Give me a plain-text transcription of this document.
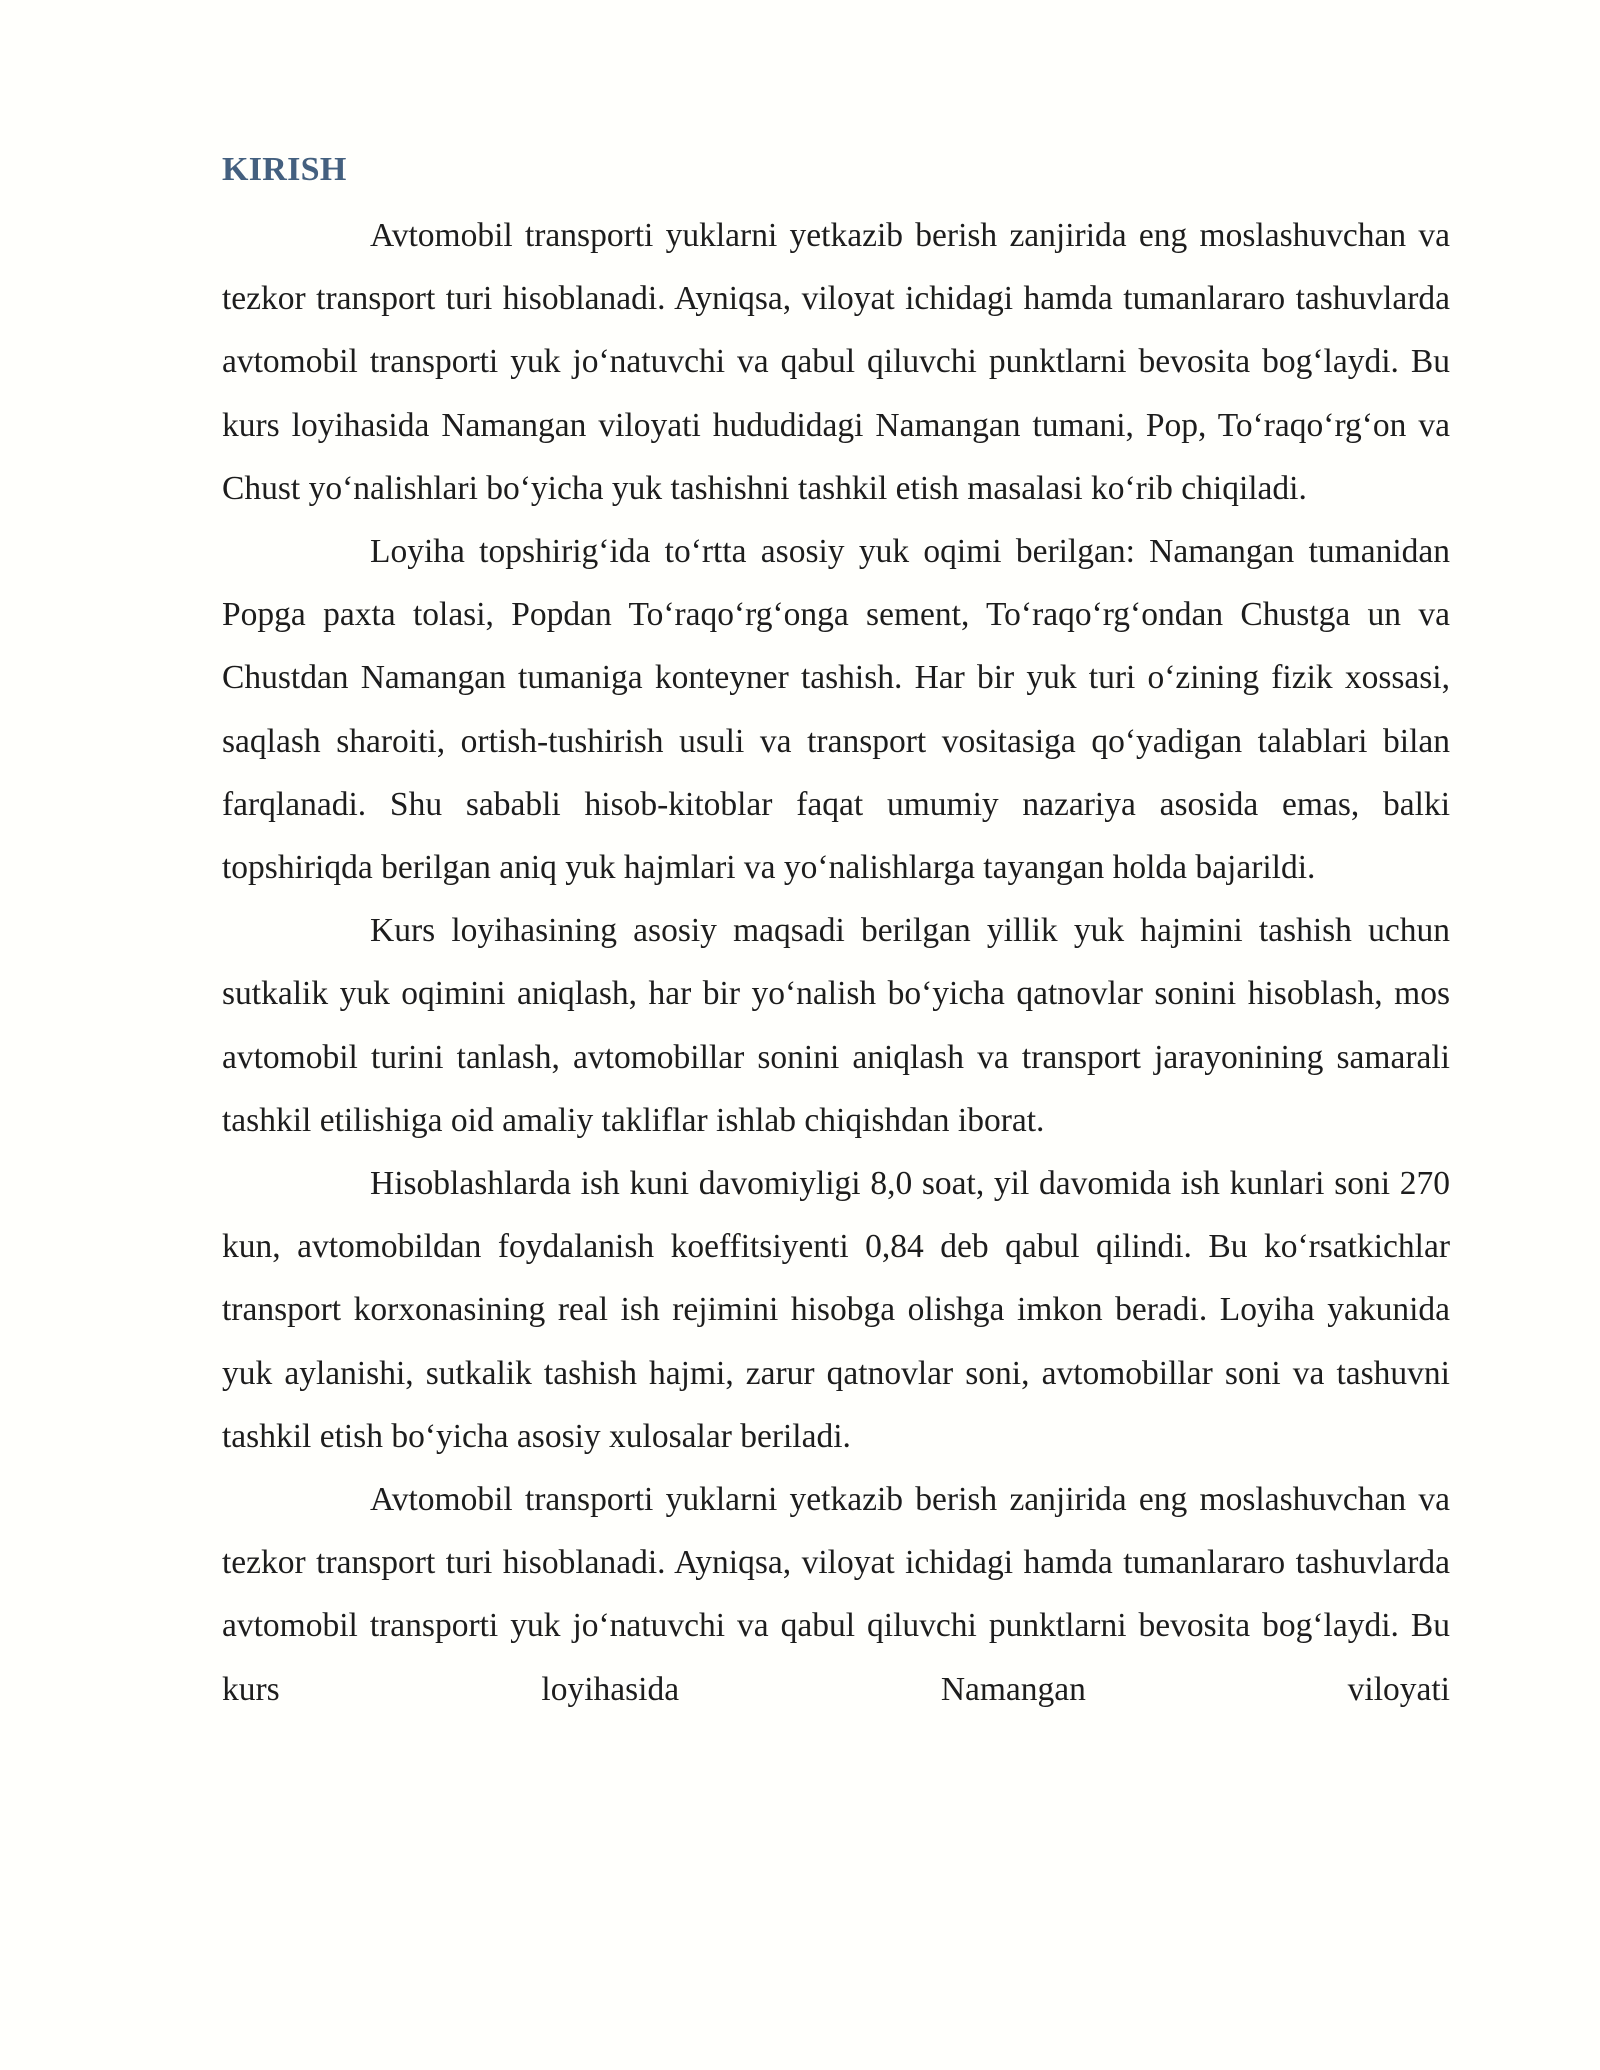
KIRISH

Avtomobil transporti yuklarni yetkazib berish zanjirida eng moslashuvchan va tezkor transport turi hisoblanadi. Ayniqsa, viloyat ichidagi hamda tumanlararo tashuvlarda avtomobil transporti yuk jo‘natuvchi va qabul qiluvchi punktlarni bevosita bog‘laydi. Bu kurs loyihasida Namangan viloyati hududidagi Namangan tumani, Pop, To‘raqo‘rg‘on va Chust yo‘nalishlari bo‘yicha yuk tashishni tashkil etish masalasi ko‘rib chiqiladi.

Loyiha topshirig‘ida to‘rtta asosiy yuk oqimi berilgan: Namangan tumanidan Popga paxta tolasi, Popdan To‘raqo‘rg‘onga sement, To‘raqo‘rg‘ondan Chustga un va Chustdan Namangan tumaniga konteyner tashish. Har bir yuk turi o‘zining fizik xossasi, saqlash sharoiti, ortish-tushirish usuli va transport vositasiga qo‘yadigan talablari bilan farqlanadi. Shu sababli hisob-kitoblar faqat umumiy nazariya asosida emas, balki topshiriqda berilgan aniq yuk hajmlari va yo‘nalishlarga tayangan holda bajarildi.

Kurs loyihasining asosiy maqsadi berilgan yillik yuk hajmini tashish uchun sutkalik yuk oqimini aniqlash, har bir yo‘nalish bo‘yicha qatnovlar sonini hisoblash, mos avtomobil turini tanlash, avtomobillar sonini aniqlash va transport jarayonining samarali tashkil etilishiga oid amaliy takliflar ishlab chiqishdan iborat.

Hisoblashlarda ish kuni davomiyligi 8,0 soat, yil davomida ish kunlari soni 270 kun, avtomobildan foydalanish koeffitsiyenti 0,84 deb qabul qilindi. Bu ko‘rsatkichlar transport korxonasining real ish rejimini hisobga olishga imkon beradi. Loyiha yakunida yuk aylanishi, sutkalik tashish hajmi, zarur qatnovlar soni, avtomobillar soni va tashuvni tashkil etish bo‘yicha asosiy xulosalar beriladi.

Avtomobil transporti yuklarni yetkazib berish zanjirida eng moslashuvchan va tezkor transport turi hisoblanadi. Ayniqsa, viloyat ichidagi hamda tumanlararo tashuvlarda avtomobil transporti yuk jo‘natuvchi va qabul qiluvchi punktlarni bevosita bog‘laydi. Bu kurs loyihasida Namangan viloyati
